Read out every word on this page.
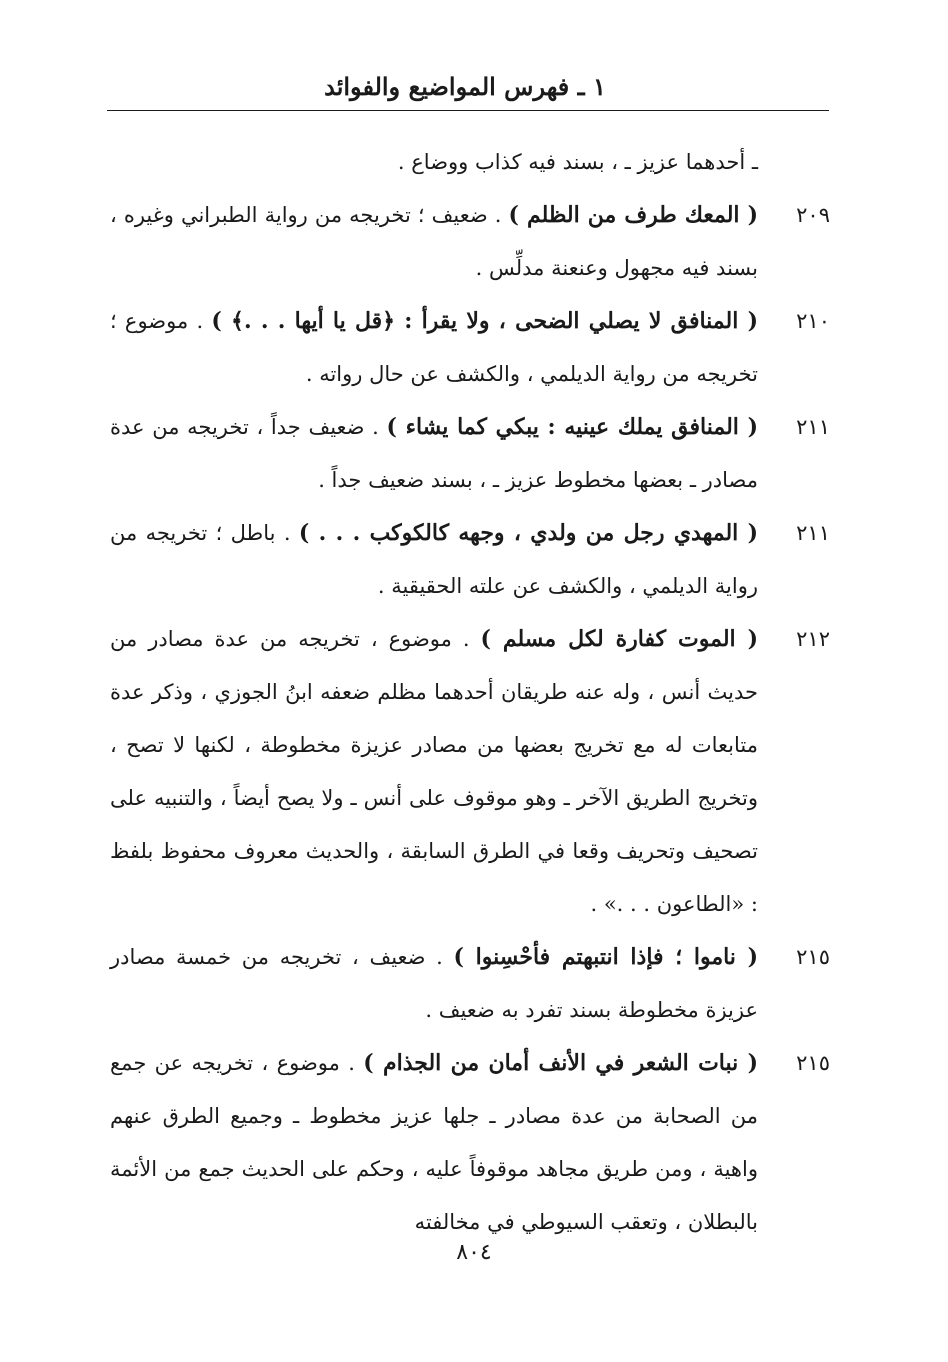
١ ـ فهرس المواضيع والفوائد
ـ أحدهما عزيز ـ ، بسند فيه كذاب ووضاع .
٢٠٩
( المعك طرف من الظلم ) . ضعيف ؛ تخريجه من رواية الطبراني وغيره ، بسند فيه مجهول وعنعنة مدلِّس .
٢١٠
( المنافق لا يصلي الضحى ، ولا يقرأ : ﴿قل يا أيها . . .﴾ ) . موضوع ؛ تخريجه من رواية الديلمي ، والكشف عن حال رواته .
٢١١
( المنافق يملك عينيه : يبكي كما يشاء ) . ضعيف جداً ، تخريجه من عدة مصادر ـ بعضها مخطوط عزيز ـ ، بسند ضعيف جداً .
٢١١
( المهدي رجل من ولدي ، وجهه كالكوكب . . . ) . باطل ؛ تخريجه من رواية الديلمي ، والكشف عن علته الحقيقية .
٢١٢
( الموت كفارة لكل مسلم ) . موضوع ، تخريجه من عدة مصادر من حديث أنس ، وله عنه طريقان أحدهما مظلم ضعفه ابنُ الجوزي ، وذكر عدة متابعات له مع تخريج بعضها من مصادر عزيزة مخطوطة ، لكنها لا تصح ، وتخريج الطريق الآخر ـ وهو موقوف على أنس ـ ولا يصح أيضاً ، والتنبيه على تصحيف وتحريف وقعا في الطرق السابقة ، والحديث معروف محفوظ بلفظ : «الطاعون . . .» .
٢١٥
( ناموا ؛ فإذا انتبهتم فأحْسِنوا ) . ضعيف ، تخريجه من خمسة مصادر عزيزة مخطوطة بسند تفرد به ضعيف .
٢١٥
( نبات الشعر في الأنف أمان من الجذام ) . موضوع ، تخريجه عن جمع من الصحابة من عدة مصادر ـ جلها عزيز مخطوط ـ وجميع الطرق عنهم واهية ، ومن طريق مجاهد موقوفاً عليه ، وحكم على الحديث جمع من الأئمة بالبطلان ، وتعقب السيوطي في مخالفته
٨٠٤
